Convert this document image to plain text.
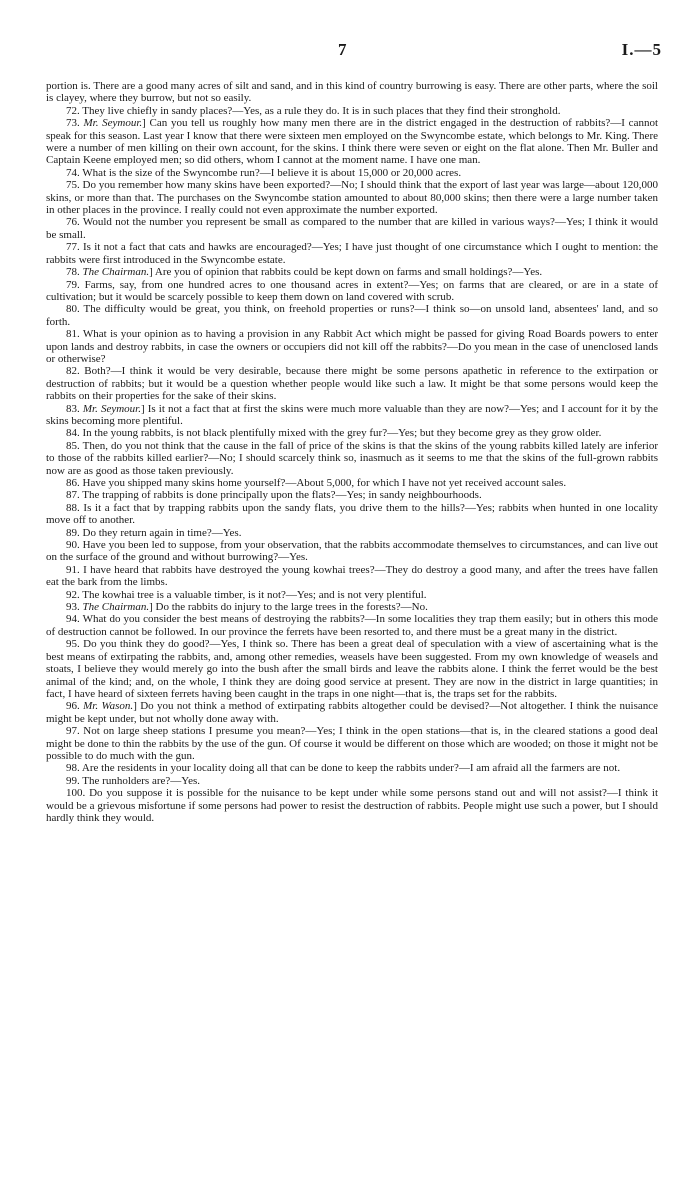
7	I.—5

portion is. There are a good many acres of silt and sand, and in this kind of country burrowing is easy. There are other parts, where the soil is clayey, where they burrow, but not so easily.

72. They live chiefly in sandy places?—Yes, as a rule they do. It is in such places that they find their stronghold.

73. Mr. Seymour.] Can you tell us roughly how many men there are in the district engaged in the destruction of rabbits?—I cannot speak for this season. Last year I know that there were sixteen men employed on the Swyncombe estate, which belongs to Mr. King. There were a number of men killing on their own account, for the skins. I think there were seven or eight on the flat alone. Then Mr. Buller and Captain Keene employed men; so did others, whom I cannot at the moment name. I have one man.

74. What is the size of the Swyncombe run?—I believe it is about 15,000 or 20,000 acres.

75. Do you remember how many skins have been exported?—No; I should think that the export of last year was large—about 120,000 skins, or more than that. The purchases on the Swyncombe station amounted to about 80,000 skins; then there were a large number taken in other places in the province. I really could not even approximate the number exported.

76. Would not the number you represent be small as compared to the number that are killed in various ways?—Yes; I think it would be small.

77. Is it not a fact that cats and hawks are encouraged?—Yes; I have just thought of one circumstance which I ought to mention: the rabbits were first introduced in the Swyncombe estate.

78. The Chairman.] Are you of opinion that rabbits could be kept down on farms and small holdings?—Yes.

79. Farms, say, from one hundred acres to one thousand acres in extent?—Yes; on farms that are cleared, or are in a state of cultivation; but it would be scarcely possible to keep them down on land covered with scrub.

80. The difficulty would be great, you think, on freehold properties or runs?—I think so—on unsold land, absentees' land, and so forth.

81. What is your opinion as to having a provision in any Rabbit Act which might be passed for giving Road Boards powers to enter upon lands and destroy rabbits, in case the owners or occupiers did not kill off the rabbits?—Do you mean in the case of unenclosed lands or otherwise?

82. Both?—I think it would be very desirable, because there might be some persons apathetic in reference to the extirpation or destruction of rabbits; but it would be a question whether people would like such a law. It might be that some persons would keep the rabbits on their properties for the sake of their skins.

83. Mr. Seymour.] Is it not a fact that at first the skins were much more valuable than they are now?—Yes; and I account for it by the skins becoming more plentiful.

84. In the young rabbits, is not black plentifully mixed with the grey fur?—Yes; but they become grey as they grow older.

85. Then, do you not think that the cause in the fall of price of the skins is that the skins of the young rabbits killed lately are inferior to those of the rabbits killed earlier?—No; I should scarcely think so, inasmuch as it seems to me that the skins of the full-grown rabbits now are as good as those taken previously.

86. Have you shipped many skins home yourself?—About 5,000, for which I have not yet received account sales.

87. The trapping of rabbits is done principally upon the flats?—Yes; in sandy neighbourhoods.

88. Is it a fact that by trapping rabbits upon the sandy flats, you drive them to the hills?—Yes; rabbits when hunted in one locality move off to another.

89. Do they return again in time?—Yes.

90. Have you been led to suppose, from your observation, that the rabbits accommodate themselves to circumstances, and can live out on the surface of the ground and without burrowing?—Yes.

91. I have heard that rabbits have destroyed the young kowhai trees?—They do destroy a good many, and after the trees have fallen eat the bark from the limbs.

92. The kowhai tree is a valuable timber, is it not?—Yes; and is not very plentiful.

93. The Chairman.] Do the rabbits do injury to the large trees in the forests?—No.

94. What do you consider the best means of destroying the rabbits?—In some localities they trap them easily; but in others this mode of destruction cannot be followed. In our province the ferrets have been resorted to, and there must be a great many in the district.

95. Do you think they do good?—Yes, I think so. There has been a great deal of speculation with a view of ascertaining what is the best means of extirpating the rabbits, and, among other remedies, weasels have been suggested. From my own knowledge of weasels and stoats, I believe they would merely go into the bush after the small birds and leave the rabbits alone. I think the ferret would be the best animal of the kind; and, on the whole, I think they are doing good service at present. They are now in the district in large quantities; in fact, I have heard of sixteen ferrets having been caught in the traps in one night—that is, the traps set for the rabbits.

96. Mr. Wason.] Do you not think a method of extirpating rabbits altogether could be devised?—Not altogether. I think the nuisance might be kept under, but not wholly done away with.

97. Not on large sheep stations I presume you mean?—Yes; I think in the open stations—that is, in the cleared stations a good deal might be done to thin the rabbits by the use of the gun. Of course it would be different on those which are wooded; on those it might not be possible to do much with the gun.

98. Are the residents in your locality doing all that can be done to keep the rabbits under?—I am afraid all the farmers are not.

99. The runholders are?—Yes.

100. Do you suppose it is possible for the nuisance to be kept under while some persons stand out and will not assist?—I think it would be a grievous misfortune if some persons had power to resist the destruction of rabbits. People might use such a power, but I should hardly think they would.
